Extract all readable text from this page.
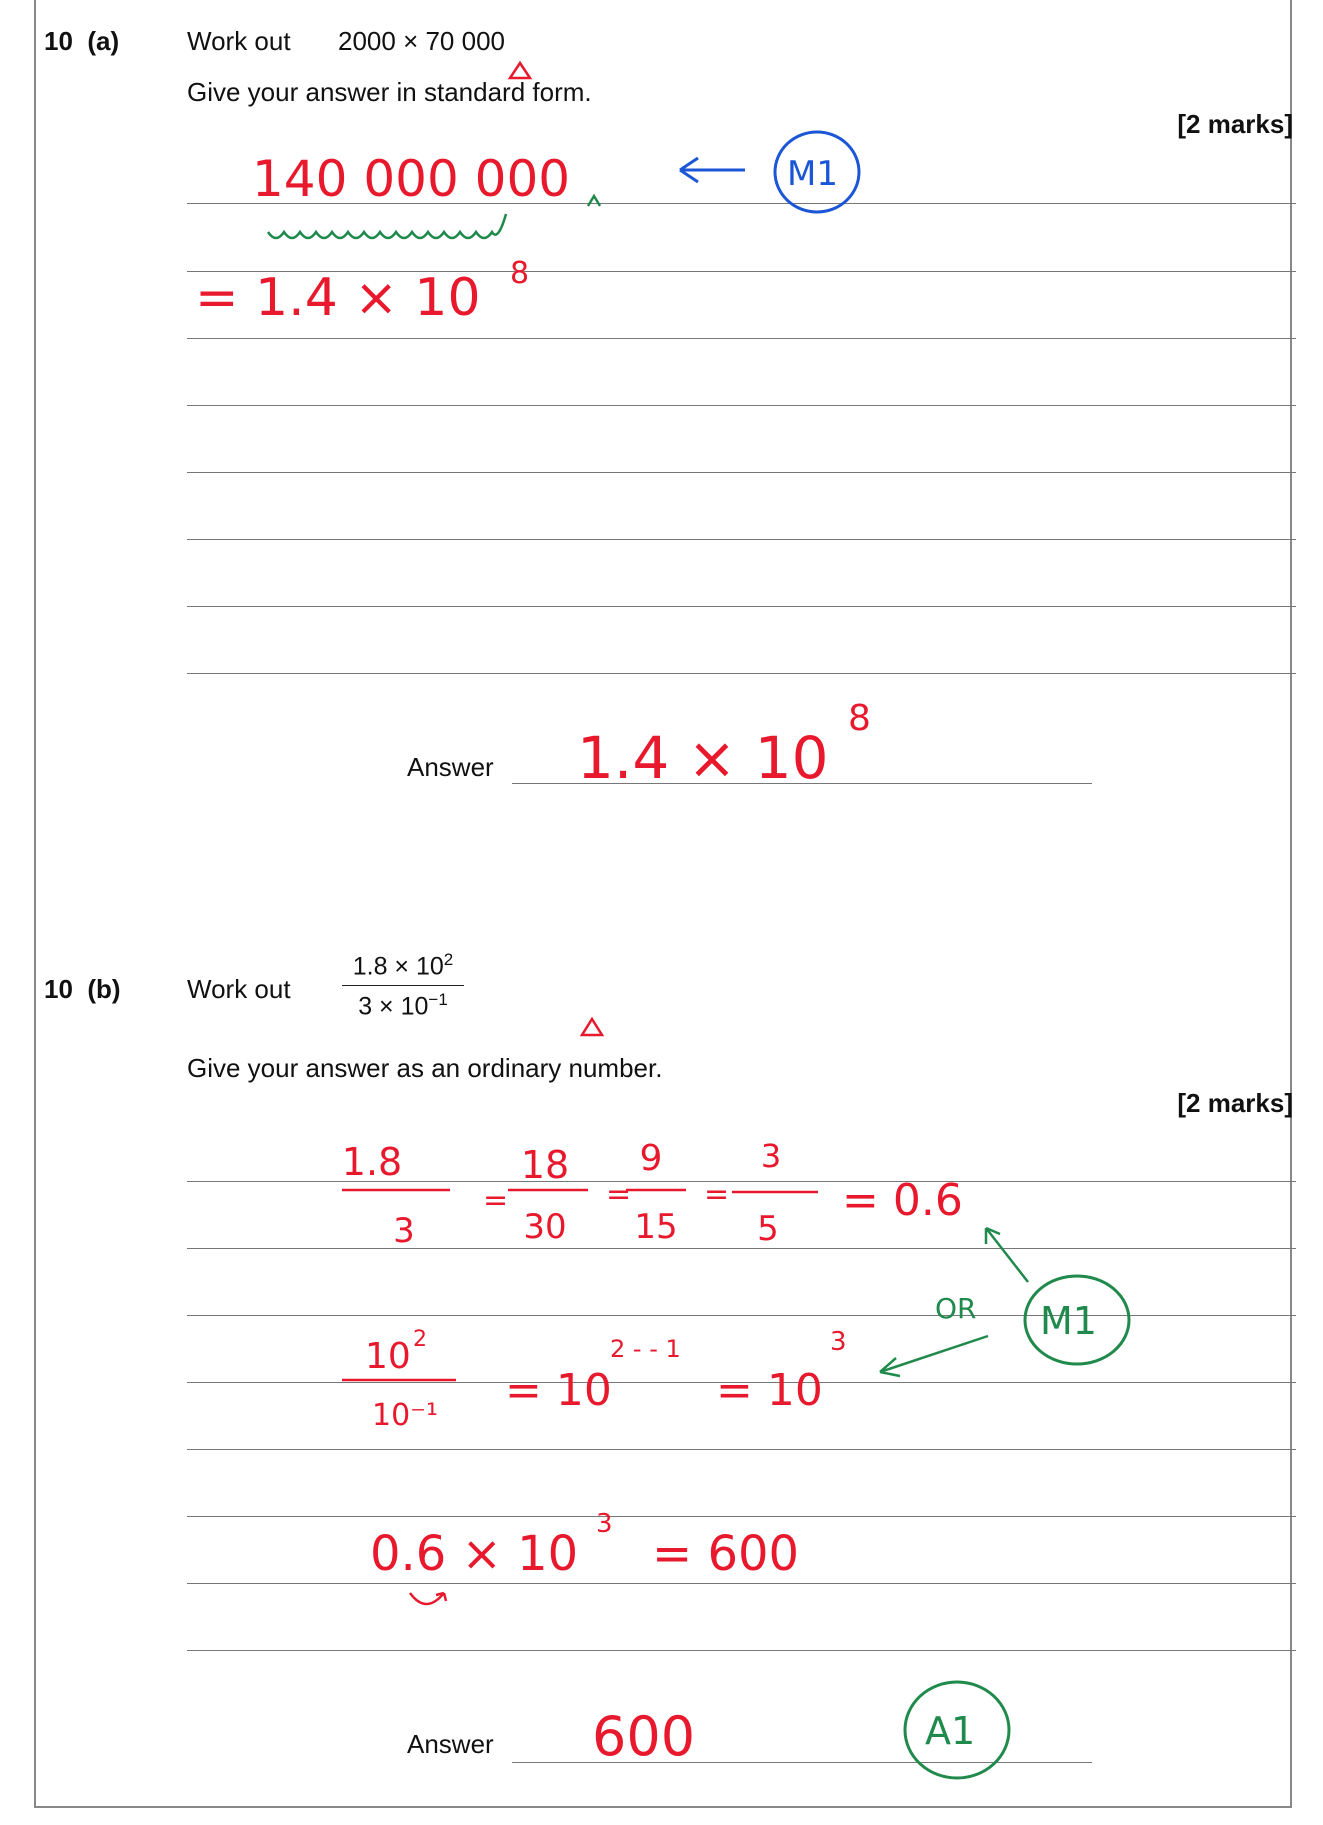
10 (a)	Work out 2000 × 70 000
Give your answer in standard form.
[2 marks]
Answer
10 (b)	Work out
$1.8 \times 10^2$
$3 \times 10^{-1}$
Give your answer as an ordinary number.
[2 marks]
Answer
140 000 000	M1
= 1.4 × 10 8
1.4 × 10
8
1.8
3
=
18
30
=
9
15
=
3
5
= 0.6
OR M1
10 2
10⁻¹ = 10
2 - - 1
= 10
3
0.6 × 10
3
= 600
600	A1
